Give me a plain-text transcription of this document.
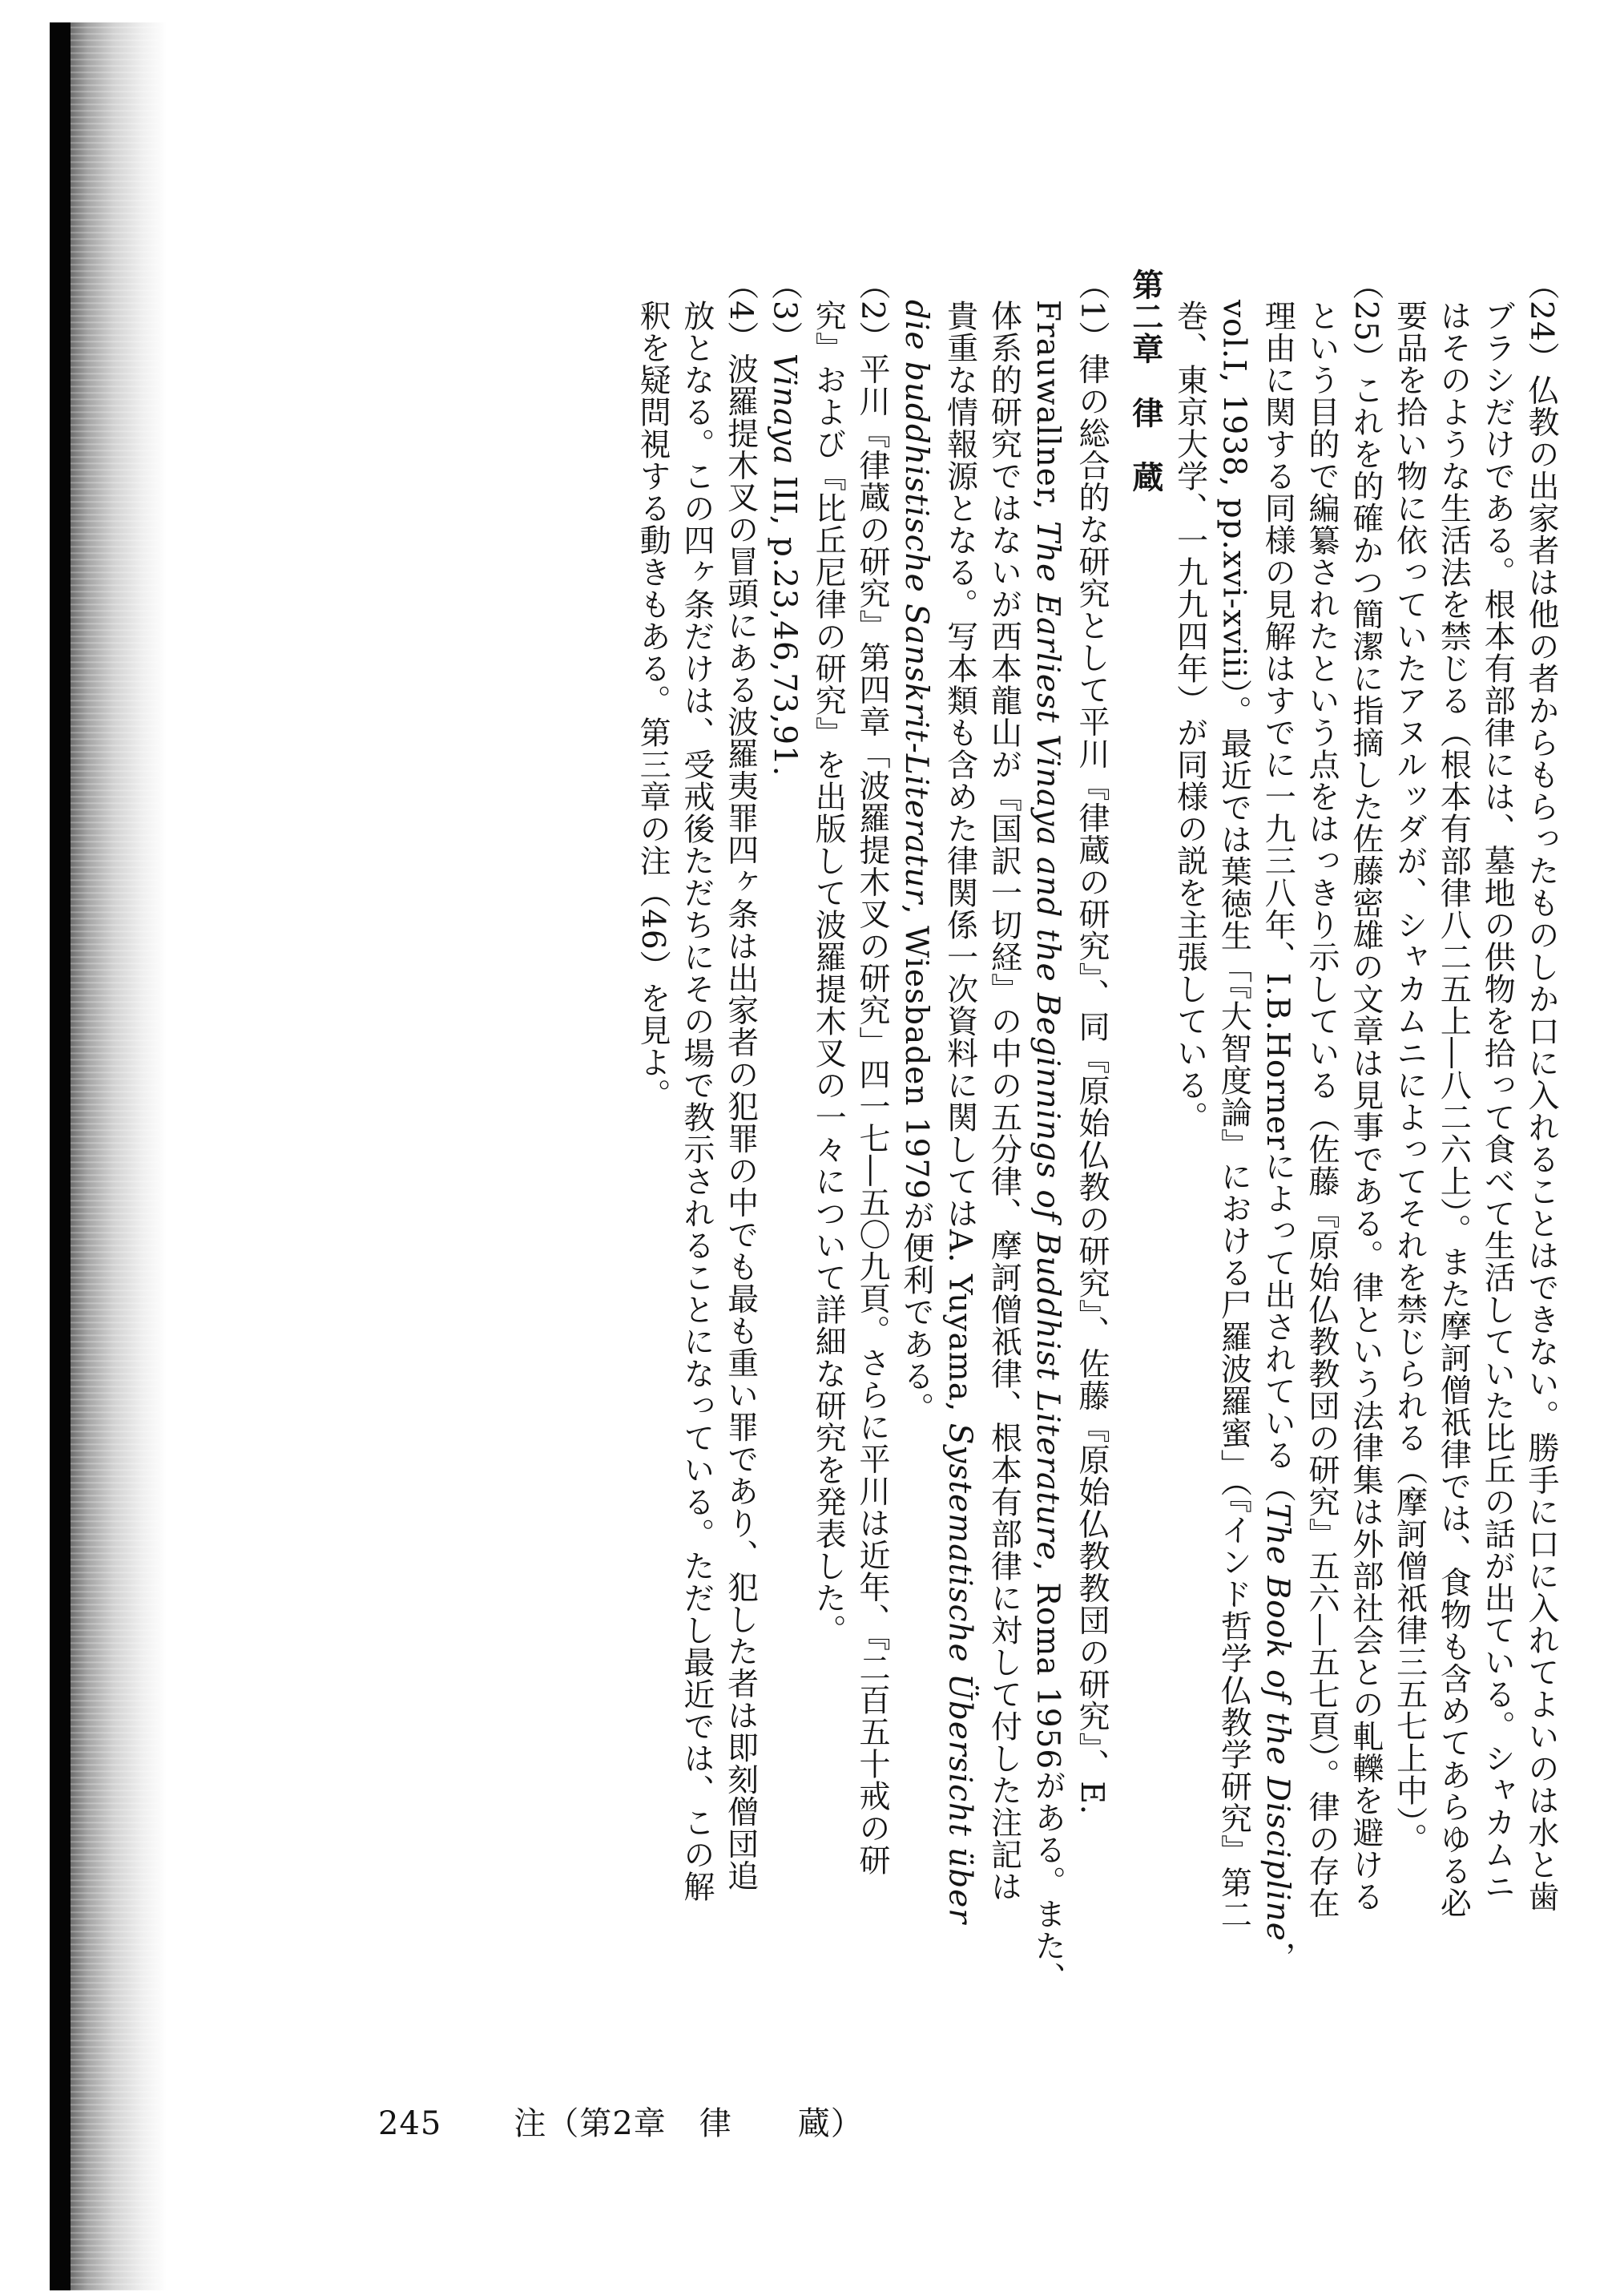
（24）仏教の出家者は他の者からもらったものしか口に入れることはできない。勝手に口に入れてよいのは水と歯

ブラシだけである。根本有部律には、墓地の供物を拾って食べて生活していた比丘の話が出ている。シャカムニ

はそのような生活法を禁じる（根本有部律八二五上―八二六上）。また摩訶僧祇律では、食物も含めてあらゆる必

要品を拾い物に依っていたアヌルッダが、シャカムニによってそれを禁じられる（摩訶僧祇律三五七上中）。

（25）これを的確かつ簡潔に指摘した佐藤密雄の文章は見事である。律という法律集は外部社会との軋轢を避ける

という目的で編纂されたという点をはっきり示している（佐藤『原始仏教教団の研究』五六―五七頁）。律の存在

理由に関する同様の見解はすでに一九三八年、I.B.Hornerによって出されている（The Book of the Discipline，

vol.I, 1938, pp.xvi-xviii）。最近では葉徳生「『大智度論』における尸羅波羅蜜」（『インド哲学仏教学研究』第二

巻、東京大学、一九九四年）が同様の説を主張している。

第二章　律　蔵

（1）律の総合的な研究として平川『律蔵の研究』、同『原始仏教の研究』、佐藤『原始仏教教団の研究』、E.

Frauwallner, The Earliest Vinaya and the Beginnings of Buddhist Literature, Roma 1956がある。また、

体系的研究ではないが西本龍山が『国訳一切経』の中の五分律、摩訶僧祇律、根本有部律に対して付した注記は

貴重な情報源となる。写本類も含めた律関係一次資料に関してはA. Yuyama, Systematische Übersicht über

die buddhistische Sanskrit-Literatur, Wiesbaden 1979が便利である。

（2）平川『律蔵の研究』第四章「波羅提木叉の研究」四一七―五〇九頁。さらに平川は近年、『二百五十戒の研

究』および『比丘尼律の研究』を出版して波羅提木叉の一々について詳細な研究を発表した。

（3）Vinaya III, p.23,46,73,91.

（4）波羅提木叉の冒頭にある波羅夷罪四ヶ条は出家者の犯罪の中でも最も重い罪であり、犯した者は即刻僧団追

放となる。この四ヶ条だけは、受戒後ただちにその場で教示されることになっている。ただし最近では、この解

釈を疑問視する動きもある。第三章の注（46）を見よ。

245 注（第2章　律　　蔵）
